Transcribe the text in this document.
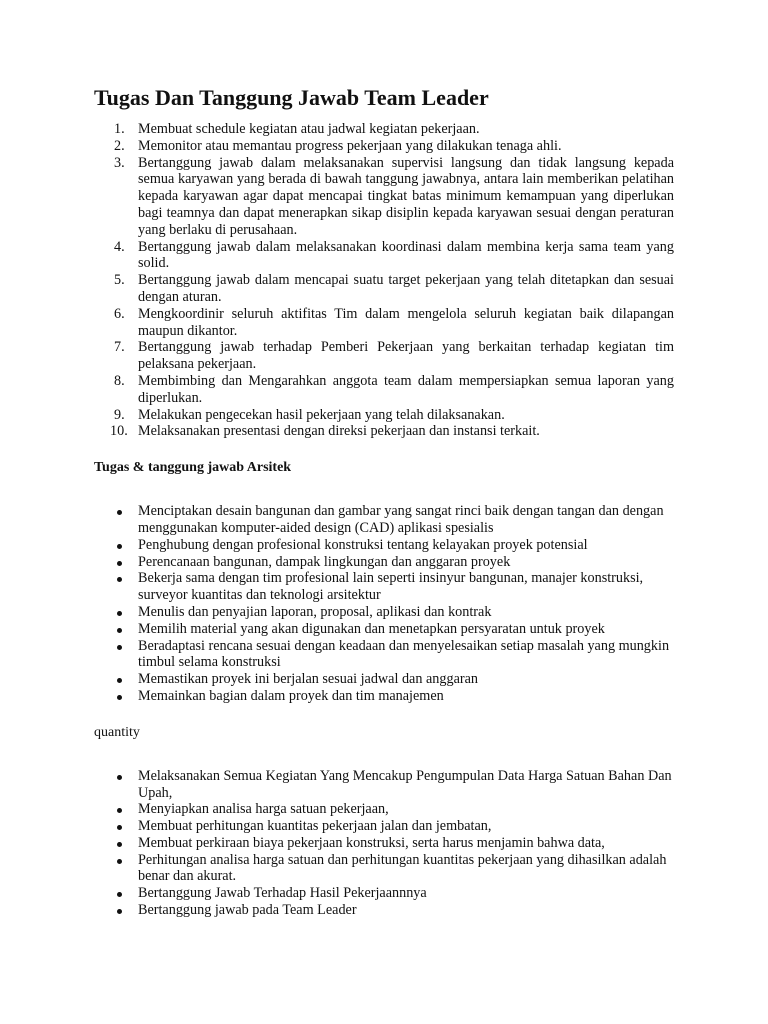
Tugas Dan Tanggung Jawab Team Leader
1. Membuat schedule kegiatan atau jadwal kegiatan pekerjaan.
2. Memonitor atau memantau progress pekerjaan yang dilakukan tenaga ahli.
3. Bertanggung jawab dalam melaksanakan supervisi langsung dan tidak langsung kepada semua karyawan yang berada di bawah tanggung jawabnya, antara lain memberikan pelatihan kepada karyawan agar dapat mencapai tingkat batas minimum kemampuan yang diperlukan bagi teamnya dan dapat menerapkan sikap disiplin kepada karyawan sesuai dengan peraturan yang berlaku di perusahaan.
4. Bertanggung jawab dalam melaksanakan koordinasi dalam membina kerja sama team yang solid.
5. Bertanggung jawab dalam mencapai suatu target pekerjaan yang telah ditetapkan dan sesuai dengan aturan.
6. Mengkoordinir seluruh aktifitas Tim dalam mengelola seluruh kegiatan baik dilapangan maupun dikantor.
7. Bertanggung jawab terhadap Pemberi Pekerjaan yang berkaitan terhadap kegiatan tim pelaksana pekerjaan.
8. Membimbing dan Mengarahkan anggota team dalam mempersiapkan semua laporan yang diperlukan.
9. Melakukan pengecekan hasil pekerjaan yang telah dilaksanakan.
10. Melaksanakan presentasi dengan direksi pekerjaan dan instansi terkait.
Tugas & tanggung jawab Arsitek
Menciptakan desain bangunan dan gambar yang sangat rinci baik dengan tangan dan dengan menggunakan komputer-aided design (CAD) aplikasi spesialis
Penghubung dengan profesional konstruksi tentang kelayakan proyek potensial
Perencanaan bangunan, dampak lingkungan dan anggaran proyek
Bekerja sama dengan tim profesional lain seperti insinyur bangunan, manajer konstruksi, surveyor kuantitas dan teknologi arsitektur
Menulis dan penyajian laporan, proposal, aplikasi dan kontrak
Memilih material yang akan digunakan dan menetapkan persyaratan untuk proyek
Beradaptasi rencana sesuai dengan keadaan dan menyelesaikan setiap masalah yang mungkin timbul selama konstruksi
Memastikan proyek ini berjalan sesuai jadwal dan anggaran
Memainkan bagian dalam proyek dan tim manajemen
quantity
Melaksanakan Semua Kegiatan Yang Mencakup Pengumpulan Data Harga Satuan Bahan Dan Upah,
Menyiapkan analisa harga satuan pekerjaan,
Membuat perhitungan kuantitas pekerjaan jalan dan jembatan,
Membuat perkiraan biaya pekerjaan konstruksi, serta harus menjamin bahwa data,
Perhitungan analisa harga satuan dan perhitungan kuantitas pekerjaan yang dihasilkan adalah benar dan akurat.
Bertanggung Jawab Terhadap Hasil Pekerjaannnya
Bertanggung jawab pada Team Leader
